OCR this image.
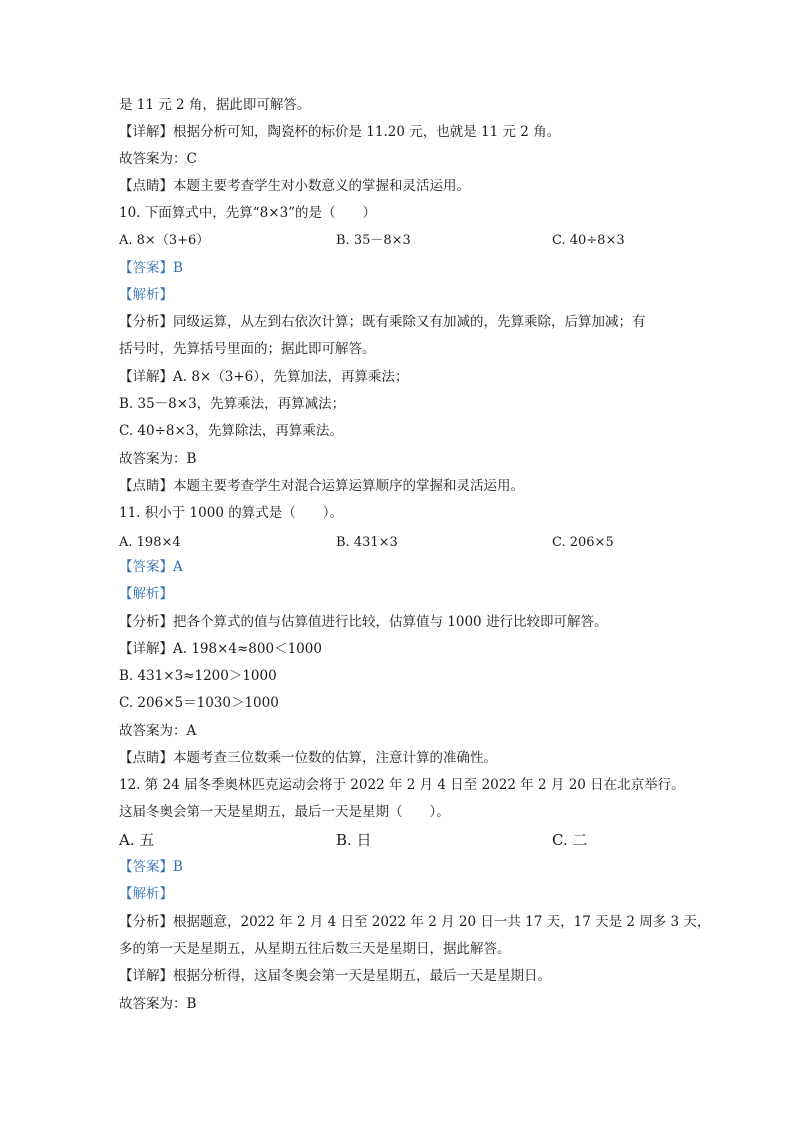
是 11 元 2 角，据此即可解答。
【详解】根据分析可知，陶瓷杯的标价是 11.20 元，也就是 11 元 2 角。
故答案为：C
【点睛】本题主要考查学生对小数意义的掌握和灵活运用。
10. 下面算式中，先算“8×3”的是（　　）
A. 8×（3+6）	B. 35－8×3	C. 40÷8×3
【答案】B
【解析】
【分析】同级运算，从左到右依次计算；既有乘除又有加减的，先算乘除，后算加减；有
括号时，先算括号里面的；据此即可解答。
【详解】A. 8×（3+6），先算加法，再算乘法；
B. 35－8×3，先算乘法，再算减法；
C. 40÷8×3，先算除法，再算乘法。
故答案为：B
【点睛】本题主要考查学生对混合运算运算顺序的掌握和灵活运用。
11. 积小于 1000 的算式是（　　）。
A. 198×4	B. 431×3	C. 206×5
【答案】A
【解析】
【分析】把各个算式的值与估算值进行比较，估算值与 1000 进行比较即可解答。
【详解】A. 198×4≈800＜1000
B. 431×3≈1200＞1000
C. 206×5＝1030＞1000
故答案为：A
【点睛】本题考查三位数乘一位数的估算，注意计算的准确性。
12. 第 24 届冬季奥林匹克运动会将于 2022 年 2 月 4 日至 2022 年 2 月 20 日在北京举行。
这届冬奥会第一天是星期五，最后一天是星期（　　）。
A. 五	B. 日	C. 二
【答案】B
【解析】
【分析】根据题意，2022 年 2 月 4 日至 2022 年 2 月 20 日一共 17 天，17 天是 2 周多 3 天，
多的第一天是星期五，从星期五往后数三天是星期日，据此解答。
【详解】根据分析得，这届冬奥会第一天是星期五，最后一天是星期日。
故答案为：B
